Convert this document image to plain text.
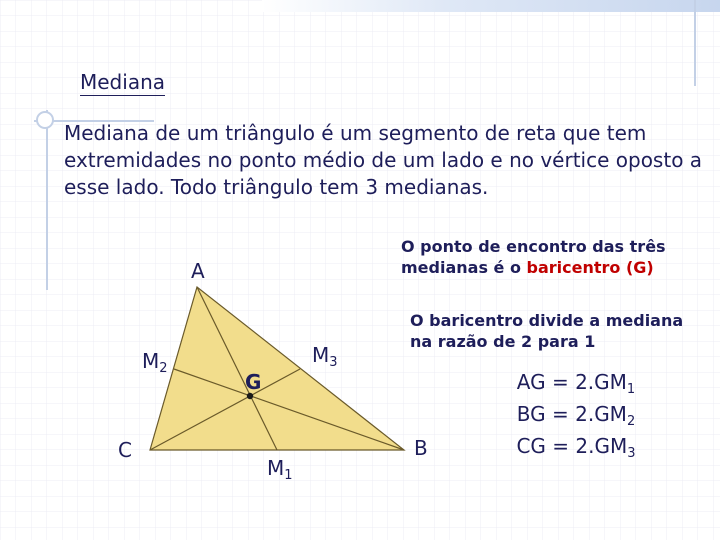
Mediana
Mediana de um triângulo é um segmento de reta que tem extremidades no ponto médio de um lado e no vértice oposto a esse lado. Todo triângulo tem 3 medianas.
O ponto de encontro das três medianas é o baricentro (G)
O baricentro divide a mediana na razão de 2 para 1
AG = $2.GM_1$
BG = $2.GM_2$
CG = $2.GM_3$
A
C	B
$M_2$
$M_3$
$M_1$
G
